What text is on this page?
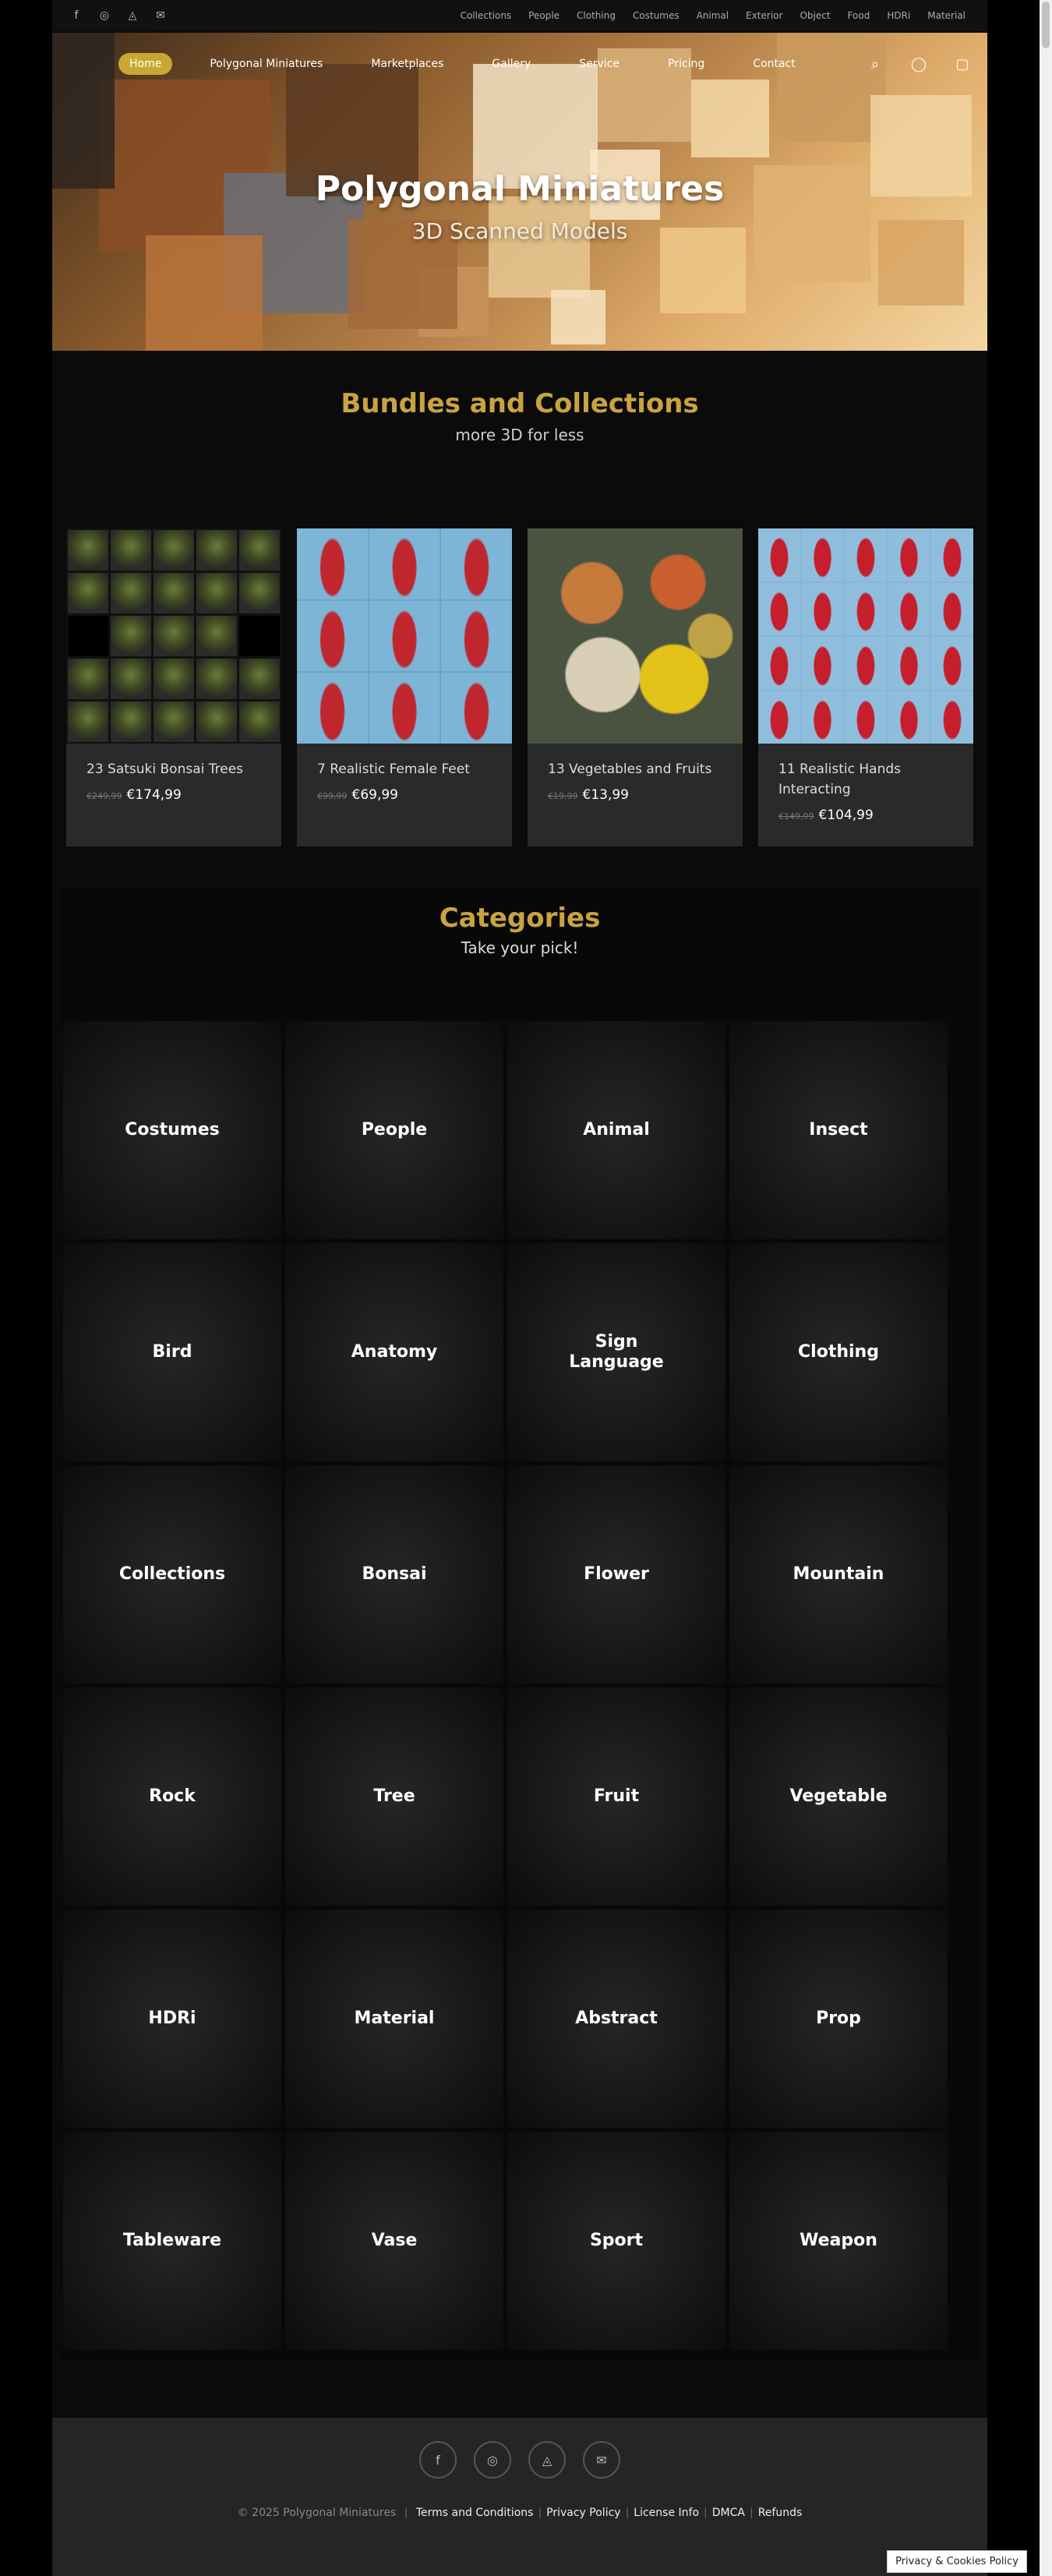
f	◎	◬	✉	Collections People Clothing Costumes Animal Exterior Object Food HDRi Material
Home	Polygonal Miniatures	Marketplaces	Gallery	Service	Pricing	Contact	⌕	◯ ▢
Polygonal Miniatures
3D Scanned Models
Bundles and Collections
more 3D for less
23 Satsuki Bonsai Trees
€249,99 €174,99
7 Realistic Female Feet
€99,99 €69,99
13 Vegetables and Fruits
€19,99 €13,99
11 Realistic Hands Interacting
€149,99 €104,99
Categories
Take your pick!
Costumes	People	Animal	Insect
Bird	Anatomy
Sign Language
Clothing
Collections	Bonsai	Flower	Mountain
Rock	Tree	Fruit	Vegetable
HDRi	Material	Abstract	Prop
Tableware	Vase	Sport	Weapon
f	◎	◬	✉
© 2025 Polygonal Miniatures | Terms and Conditions | Privacy Policy | License Info | DMCA | Refunds
Privacy & Cookies Policy
